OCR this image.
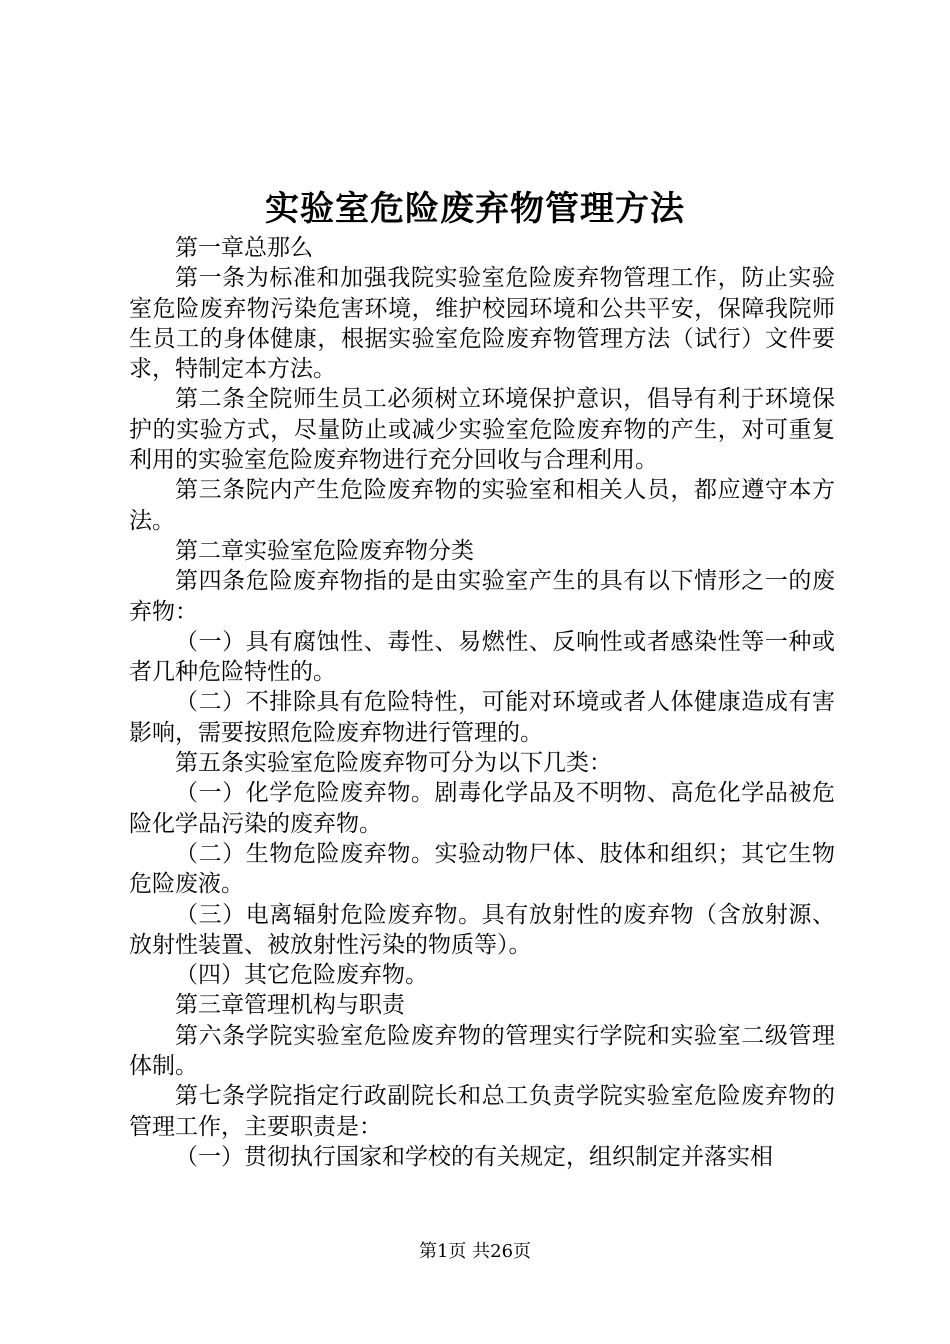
实验室危险废弃物管理方法

第一章总那么

第一条为标准和加强我院实验室危险废弃物管理工作，防止实验室危险废弃物污染危害环境，维护校园环境和公共平安，保障我院师生员工的身体健康，根据实验室危险废弃物管理方法（试行）文件要求，特制定本方法。

第二条全院师生员工必须树立环境保护意识，倡导有利于环境保护的实验方式，尽量防止或减少实验室危险废弃物的产生，对可重复利用的实验室危险废弃物进行充分回收与合理利用。

第三条院内产生危险废弃物的实验室和相关人员，都应遵守本方法。

第二章实验室危险废弃物分类

第四条危险废弃物指的是由实验室产生的具有以下情形之一的废弃物：

（一）具有腐蚀性、毒性、易燃性、反响性或者感染性等一种或者几种危险特性的。

（二）不排除具有危险特性，可能对环境或者人体健康造成有害影响，需要按照危险废弃物进行管理的。

第五条实验室危险废弃物可分为以下几类：

（一）化学危险废弃物。剧毒化学品及不明物、高危化学品被危险化学品污染的废弃物。

（二）生物危险废弃物。实验动物尸体、肢体和组织；其它生物危险废液。

（三）电离辐射危险废弃物。具有放射性的废弃物（含放射源、放射性装置、被放射性污染的物质等）。

（四）其它危险废弃物。

第三章管理机构与职责

第六条学院实验室危险废弃物的管理实行学院和实验室二级管理体制。

第七条学院指定行政副院长和总工负责学院实验室危险废弃物的管理工作，主要职责是：

（一）贯彻执行国家和学校的有关规定，组织制定并落实相

第1页 共26页
